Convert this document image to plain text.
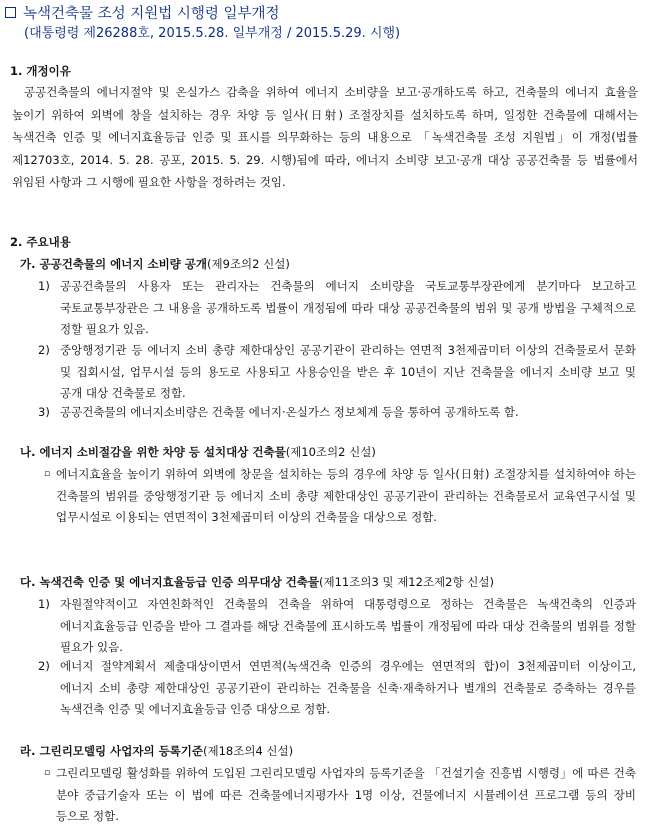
녹색건축물 조성 지원법 시행령 일부개정
(대통령령 제26288호, 2015.5.28. 일부개정 / 2015.5.29. 시행)
1. 개정이유
공공건축물의 에너지절약 및 온실가스 감축을 위하여 에너지 소비량을 보고·공개하도록 하고, 건축물의 에너지 효율을 높이기 위하여 외벽에 창을 설치하는 경우 차양 등 일사(日射) 조절장치를 설치하도록 하며, 일정한 건축물에 대해서는 녹색건축 인증 및 에너지효율등급 인증 및 표시를 의무화하는 등의 내용으로 「녹색건축물 조성 지원법」이 개정(법률 제12703호, 2014. 5. 28. 공포, 2015. 5. 29. 시행)됨에 따라, 에너지 소비량 보고·공개 대상 공공건축물 등 법률에서 위임된 사항과 그 시행에 필요한 사항을 정하려는 것임.
2. 주요내용
가. 공공건축물의 에너지 소비량 공개(제9조의2 신설)
1) 공공건축물의 사용자 또는 관리자는 건축물의 에너지 소비량을 국토교통부장관에게 분기마다 보고하고 국토교통부장관은 그 내용을 공개하도록 법률이 개정됨에 따라 대상 공공건축물의 범위 및 공개 방법을 구체적으로 정할 필요가 있음.
2) 중앙행정기관 등 에너지 소비 총량 제한대상인 공공기관이 관리하는 연면적 3천제곱미터 이상의 건축물로서 문화 및 집회시설, 업무시설 등의 용도로 사용되고 사용승인을 받은 후 10년이 지난 건축물을 에너지 소비량 보고 및 공개 대상 건축물로 정함.
3) 공공건축물의 에너지소비량은 건축물 에너지·온실가스 정보체계 등을 통하여 공개하도록 함.
나. 에너지 소비절감을 위한 차양 등 설치대상 건축물(제10조의2 신설)
▫ 에너지효율을 높이기 위하여 외벽에 창문을 설치하는 등의 경우에 차양 등 일사(日射) 조절장치를 설치하여야 하는 건축물의 범위를 중앙행정기관 등 에너지 소비 총량 제한대상인 공공기관이 관리하는 건축물로서 교육연구시설 및 업무시설로 이용되는 연면적이 3천제곱미터 이상의 건축물을 대상으로 정함.
다. 녹색건축 인증 및 에너지효율등급 인증 의무대상 건축물(제11조의3 및 제12조제2항 신설)
1) 자원절약적이고 자연친화적인 건축물의 건축을 위하여 대통령령으로 정하는 건축물은 녹색건축의 인증과 에너지효율등급 인증을 받아 그 결과를 해당 건축물에 표시하도록 법률이 개정됨에 따라 대상 건축물의 범위를 정할 필요가 있음.
2) 에너지 절약계획서 제출대상이면서 연면적(녹색건축 인증의 경우에는 연면적의 합)이 3천제곱미터 이상이고, 에너지 소비 총량 제한대상인 공공기관이 관리하는 건축물을 신축·재축하거나 별개의 건축물로 증축하는 경우를 녹색건축 인증 및 에너지효율등급 인증 대상으로 정함.
라. 그린리모델링 사업자의 등록기준(제18조의4 신설)
▫ 그린리모델링 활성화를 위하여 도입된 그린리모델링 사업자의 등록기준을 「건설기술 진흥법 시행령」에 따른 건축 분야 중급기술자 또는 이 법에 따른 건축물에너지평가사 1명 이상, 건물에너지 시뮬레이션 프로그램 등의 장비 등으로 정함.
